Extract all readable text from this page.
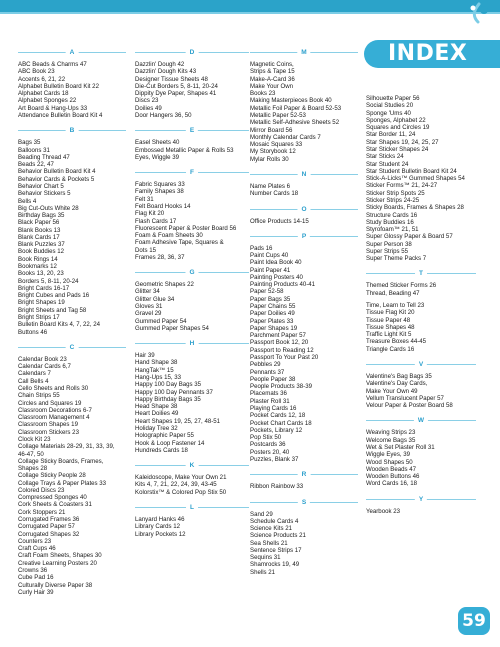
INDEX
A
ABC Beads & Charms 47
ABC Book 23
Accents 6, 21, 22
Alphabet Bulletin Board Kit 22
Alphabet Cards 18
Alphabet Sponges 22
Art Board & Hang-Ups 33
Attendance Bulletin Board Kit 4
B
Bags 35
Balloons 31
Beading Thread 47
Beads 22, 47
Behavior Bulletin Board Kit 4
Behavior Cards & Pockets 5
Behavior Chart 5
Behavior Stickers 5
Bells 4
Big Cut-Outs White 28
Birthday Bags 35
Black Paper 56
Blank Books 13
Blank Cards 17
Blank Puzzles 37
Book Buddies 12
Book Rings 14
Bookmarks 12
Books 13, 20, 23
Borders 5, 8-11, 20-24
Bright Cards 16-17
Bright Cubes and Pads 16
Bright Shapes 19
Bright Sheets and Tag 58
Bright Strips 17
Bulletin Board Kits 4, 7, 22, 24
Buttons 46
C
Calendar Book 23
Calendar Cards 6,7
Calendars 7
Call Bells 4
Cello Sheets and Rolls 30
Chain Strips 55
Circles and Squares 19
Classroom Decorations 6-7
Classroom Management 4
Classroom Shapes 19
Classroom Stickers 23
Clock Kit 23
Collage Materials 28-29, 31, 33, 39,
46-47, 50
Collage Sticky Boards, Frames,
Shapes 28
Collage Sticky People 28
Collage Trays & Paper Plates 33
Colored Discs 23
Compressed Sponges 40
Cork Sheets & Coasters 31
Cork Stoppers 21
Corrugated Frames 36
Corrugated Paper 57
Corrugated Shapes 32
Counters 23
Craft Cups 46
Craft Foam Sheets, Shapes 30
Creative Learning Posters 20
Crowns 36
Cube Pad 16
Culturally Diverse Paper 38
Curly Hair 39
D
Dazzlin' Dough 42
Dazzlin' Dough Kits 43
Designer Tissue Sheets 48
Die-Cut Borders 5, 8-11, 20-24
Dippity Dye Paper, Shapes 41
Discs 23
Doilies 49
Door Hangers 36, 50
E
Easel Sheets 40
Embossed Metallic Paper & Rolls 53
Eyes, Wiggle 39
F
Fabric Squares 33
Family Shapes 38
Felt 31
Felt Board Hooks 14
Flag Kit 20
Flash Cards 17
Fluorescent Paper & Poster Board 56
Foam & Foam Sheets 30
Foam Adhesive Tape, Squares &
Dots 15
Frames 28, 36, 37
G
Geometric Shapes 22
Glitter 34
Glitter Glue 34
Gloves 31
Gravel 29
Gummed Paper 54
Gummed Paper Shapes 54
H
Hair 39
Hand Shape 38
HangTak™ 15
Hang-Ups 15, 33
Happy 100 Day Bags 35
Happy 100 Day Pennants 37
Happy Birthday Bags 35
Head Shape 38
Heart Doilies 49
Heart Shapes 19, 25, 27, 48-51
Holiday Tree 32
Holographic Paper 55
Hook & Loop Fastener 14
Hundreds Cards 18
K
Kaleidoscope, Make Your Own 21
Kits 4, 7, 21, 22, 24, 39, 43-45
Kolorstix™ & Colored Pop Stix 50
L
Lanyard Hanks 46
Library Cards 12
Library Pockets 12
M
Magnetic Coins,
Strips & Tape 15
Make-A-Card 36
Make Your Own
Books 23
Making Masterpieces Book 40
Metallic Foil Paper & Board 52-53
Metallic Paper 52-53
Metallic Self-Adhesive Sheets 52
Mirror Board 56
Monthly Calendar Cards 7
Mosaic Squares 33
My Storybook 12
Mylar Rolls 30
N
Name Plates 6
Number Cards 18
O
Office Products 14-15
P
Pads 16
Paint Cups 40
Paint Idea Book 40
Paint Paper 41
Painting Posters 40
Painting Products 40-41
Paper 52-58
Paper Bags 35
Paper Chains 55
Paper Doilies 49
Paper Plates 33
Paper Shapes 19
Parchment Paper 57
Passport Book 12, 20
Passport to Reading 12
Passport To Your Past 20
Pebbles 29
Pennants 37
People Paper 38
People Products 38-39
Placemats 36
Plaster Roll 31
Playing Cards 16
Pocket Cards 12, 18
Pocket Chart Cards 18
Pockets, Library 12
Pop Stix 50
Postcards 36
Posters 20, 40
Puzzles, Blank 37
R
Ribbon Rainbow 33
S
Sand 29
Schedule Cards 4
Science Kits 21
Science Products 21
Sea Shells 21
Sentence Strips 17
Sequins 31
Shamrocks 19, 49
Shells 21
Silhouette Paper 56
Social Studies 20
Sponge 'Ums 40
Sponges, Alphabet 22
Squares and Circles 19
Star Border 11, 24
Star Shapes 19, 24, 25, 27
Star Sticker Shapes 24
Star Sticks 24
Star Student 24
Star Student Bulletin Board Kit 24
Stick-A-Licks™ Gummed Shapes 54
Sticker Forms™ 21, 24-27
Sticker Strip Spots 25
Sticker Strips 24-25
Sticky Boards, Frames & Shapes 28
Structure Cards 16
Study Buddies 16
Styrofoam™ 21, 51
Super Glossy Paper & Board 57
Super Person 38
Super Strips 55
Super Theme Packs 7
T
Themed Sticker Forms 26
Thread, Beading 47
Time, Learn to Tell 23
Tissue Flag Kit 20
Tissue Paper 48
Tissue Shapes 48
Traffic Light Kit 5
Treasure Boxes 44-45
Triangle Cards 16
V
Valentine's Bag Bags 35
Valentine's Day Cards,
Make Your Own 49
Vellum Translucent Paper 57
Velour Paper & Poster Board 58
W
Weaving Strips 23
Welcome Bags 35
Wet & Set Plaster Roll 31
Wiggle Eyes, 39
Wood Shapes 50
Wooden Beads 47
Wooden Buttons 46
Word Cards 16, 18
Y
Yearbook 23
59
